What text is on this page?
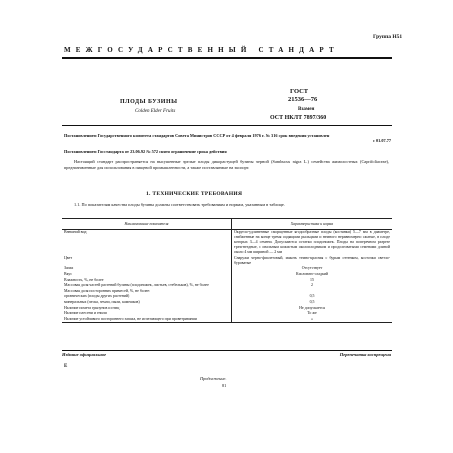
Группа Н51
МЕЖГОСУДАРСТВЕННЫЙ СТАНДАРТ
ПЛОДЫ БУЗИНЫ
Colden Elder Fruits
ГОСТ
21536—76
Взамен
ОСТ НКЛТ 7897/360
Постановлением Государственного комитета стандартов Совета Министров СССР от 4 февраля 1976 г. № 316 срок введения установлен
с 01.07.77
Постановлением Госстандарта от 23.06.92 № 572 снято ограничение срока действия
Настоящий стандарт распространяется на высушенные зрелые плоды дикорастущей бузины черной (Sambucus nigra L.) семейства жимолостных (Caprifoliaceae), предназначенные для использования в пищевой промышленности, а также поставляемые на экспорт.
1. ТЕХНИЧЕСКИЕ ТРЕБОВАНИЯ
1.1. По показателям качества плоды бузины должны соответствовать требованиям и нормам, указанным в таблице.
Наименование показателя	Характеристика и норма
Внешний вид	Округло-удлиненные сморщенные ягодообразные плоды (костянки) 5—7 мм в диаметре, снабженные на конце тремя сидящими рыльцами и немного неравномерно сжатые, в плоде которых 3—4 семени. Допускаются остатки плодоножек. Плоды на поперечном разрезе трехгнездные, с овальным кожистым околоплодником и продолговатыми семенами длиной около 4 мм шириной — 2 мм
Цвет	Снаружи черно-фиолетовый, мякоть темно-красная с бурым оттенком, косточки светло-буроватые
Запах	Отсутствует
Вкус	Кисловато-сладкий
Влажность, %, не более	15
Массовая доля частей растений бузины (плодоножек, листьев, стебельков), %, не более	2
Массовая доля посторонних примесей, %, не более:	
органических (плоды других растений)	0,5
минеральных (песка, земли, пыли, камешков)	0,5
Наличие помета грызунов и птиц	Не допускается
Наличие плесени и гнили	То же
Наличие устойчивого постороннего запаха, не исчезающего при проветривании	»
Издание официальное	Перепечатка воспрещена
Е
Продолжение.
81
